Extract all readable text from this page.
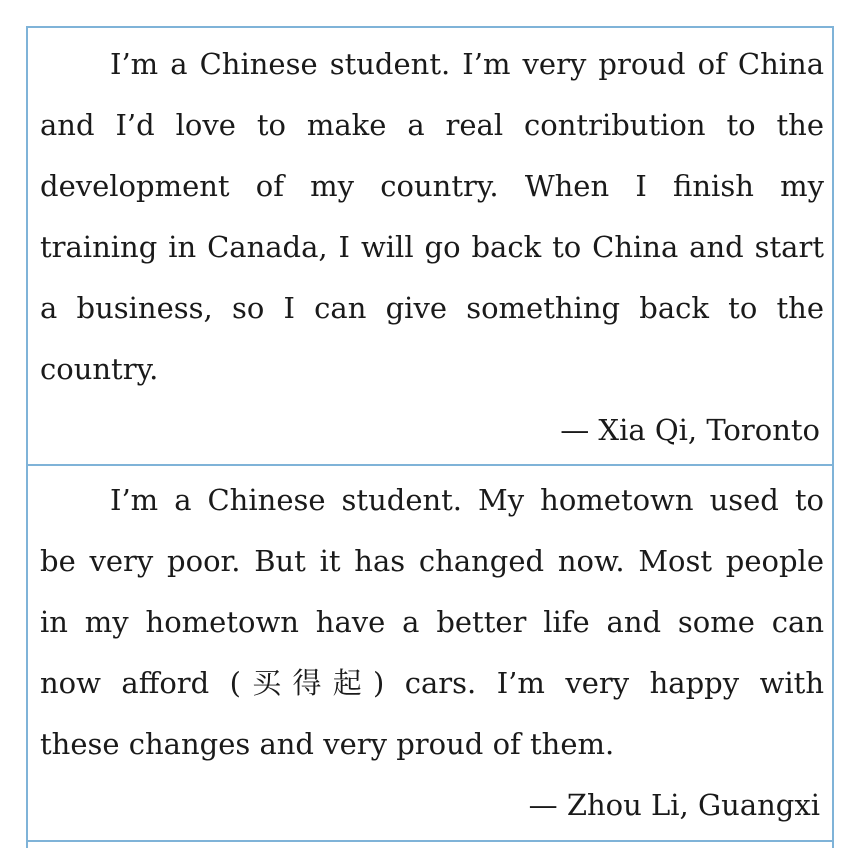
I’m a Chinese student. I’m very proud of China
and I’d love to make a real contribution to the
development of my country. When I finish my
training in Canada, I will go back to China and start
a business, so I can give something back to the
country.
— Xia Qi, Toronto
I’m a Chinese student. My hometown used to
be very poor. But it has changed now. Most people
in my hometown have a better life and some can
now afford (买得起) cars. I’m very happy with
these changes and very proud of them.
— Zhou Li, Guangxi
